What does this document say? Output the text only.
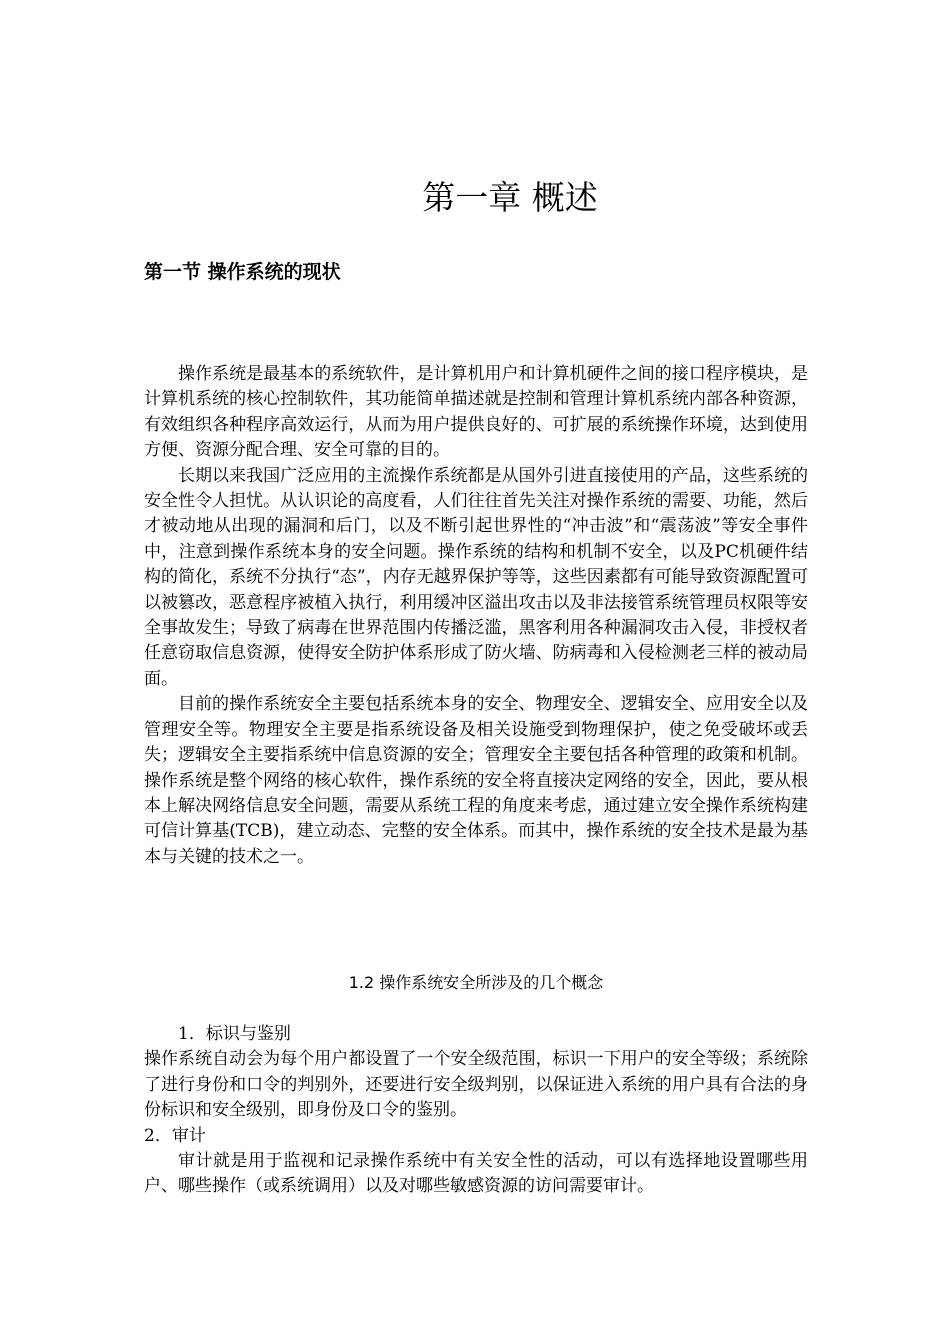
第一章 概述
第一节 操作系统的现状

操作系统是最基本的系统软件，是计算机用户和计算机硬件之间的接口程序模块，是计算机系统的核心控制软件，其功能简单描述就是控制和管理计算机系统内部各种资源，有效组织各种程序高效运行，从而为用户提供良好的、可扩展的系统操作环境，达到使用方便、资源分配合理、安全可靠的目的。

长期以来我国广泛应用的主流操作系统都是从国外引进直接使用的产品，这些系统的安全性令人担忧。从认识论的高度看，人们往往首先关注对操作系统的需要、功能，然后才被动地从出现的漏洞和后门，以及不断引起世界性的“冲击波”和“震荡波”等安全事件中，注意到操作系统本身的安全问题。操作系统的结构和机制不安全，以及PC机硬件结构的简化，系统不分执行“态”，内存无越界保护等等，这些因素都有可能导致资源配置可以被篡改，恶意程序被植入执行，利用缓冲区溢出攻击以及非法接管系统管理员权限等安全事故发生；导致了病毒在世界范围内传播泛滥，黑客利用各种漏洞攻击入侵，非授权者任意窃取信息资源，使得安全防护体系形成了防火墙、防病毒和入侵检测老三样的被动局面。

目前的操作系统安全主要包括系统本身的安全、物理安全、逻辑安全、应用安全以及管理安全等。物理安全主要是指系统设备及相关设施受到物理保护，使之免受破坏或丢失；逻辑安全主要指系统中信息资源的安全；管理安全主要包括各种管理的政策和机制。操作系统是整个网络的核心软件，操作系统的安全将直接决定网络的安全，因此，要从根本上解决网络信息安全问题，需要从系统工程的角度来考虑，通过建立安全操作系统构建可信计算基(TCB)，建立动态、完整的安全体系。而其中，操作系统的安全技术是最为基本与关键的技术之一。

1.2 操作系统安全所涉及的几个概念

1．标识与鉴别

操作系统自动会为每个用户都设置了一个安全级范围，标识一下用户的安全等级；系统除了进行身份和口令的判别外，还要进行安全级判别，以保证进入系统的用户具有合法的身份标识和安全级别，即身份及口令的鉴别。

2．审计

审计就是用于监视和记录操作系统中有关安全性的活动，可以有选择地设置哪些用户、哪些操作（或系统调用）以及对哪些敏感资源的访问需要审计。
